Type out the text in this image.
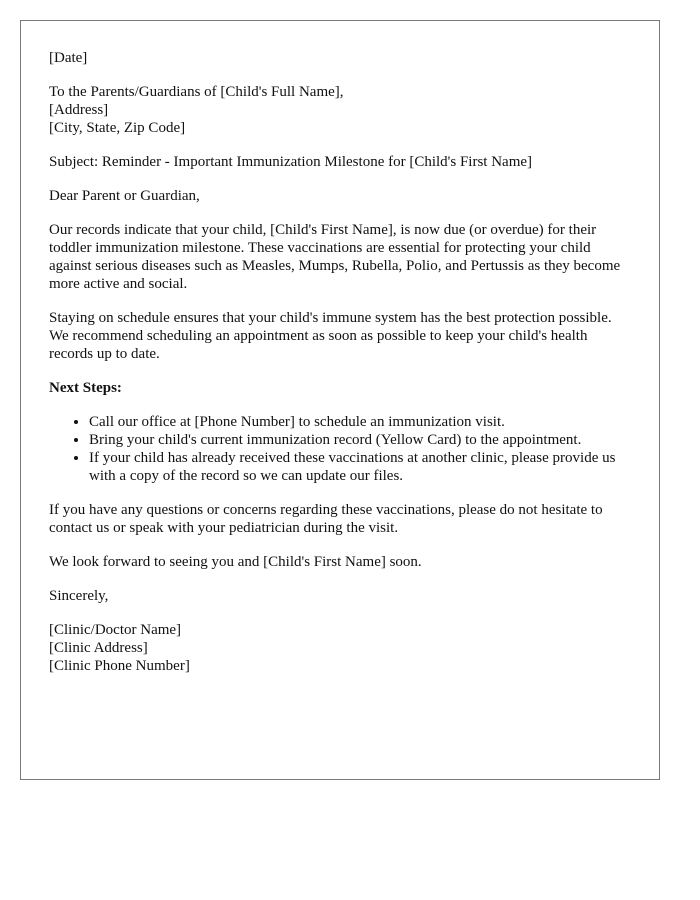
[Date]

To the Parents/Guardians of [Child's Full Name],
[Address]
[City, State, Zip Code]

Subject: Reminder - Important Immunization Milestone for [Child's First Name]

Dear Parent or Guardian,

Our records indicate that your child, [Child's First Name], is now due (or overdue) for their toddler immunization milestone. These vaccinations are essential for protecting your child against serious diseases such as Measles, Mumps, Rubella, Polio, and Pertussis as they become more active and social.

Staying on schedule ensures that your child's immune system has the best protection possible. We recommend scheduling an appointment as soon as possible to keep your child's health records up to date.

Next Steps:

• Call our office at [Phone Number] to schedule an immunization visit.
• Bring your child's current immunization record (Yellow Card) to the appointment.
• If your child has already received these vaccinations at another clinic, please provide us with a copy of the record so we can update our files.

If you have any questions or concerns regarding these vaccinations, please do not hesitate to contact us or speak with your pediatrician during the visit.

We look forward to seeing you and [Child's First Name] soon.

Sincerely,

[Clinic/Doctor Name]
[Clinic Address]
[Clinic Phone Number]
